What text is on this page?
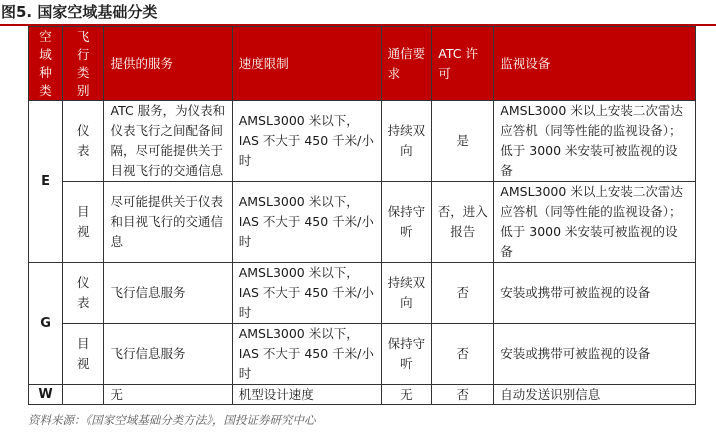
图5. 国家空域基础分类
空域种类	飞行类别	提供的服务	速度限制	通信要求	ATC 许可	监视设备
E	仪表	ATC 服务，为仪表和仪表飞行之间配备间隔，尽可能提供关于目视飞行的交通信息	AMSL3000 米以下，IAS 不大于 450 千米/小时	持续双向	是	AMSL3000 米以上安装二次雷达应答机（同等性能的监视设备）；低于 3000 米安装可被监视的设备
	目视	尽可能提供关于仪表和目视飞行的交通信息	AMSL3000 米以下，IAS 不大于 450 千米/小时	保持守听	否，进入报告	AMSL3000 米以上安装二次雷达应答机（同等性能的监视设备）；低于 3000 米安装可被监视的设备
G	仪表	飞行信息服务	AMSL3000 米以下，IAS 不大于 450 千米/小时	持续双向	否	安装或携带可被监视的设备
	目视	飞行信息服务	AMSL3000 米以下，IAS 不大于 450 千米/小时	保持守听	否	安装或携带可被监视的设备
W		无	机型设计速度	无	否	自动发送识别信息
资料来源：《国家空域基础分类方法》，国投证券研究中心
